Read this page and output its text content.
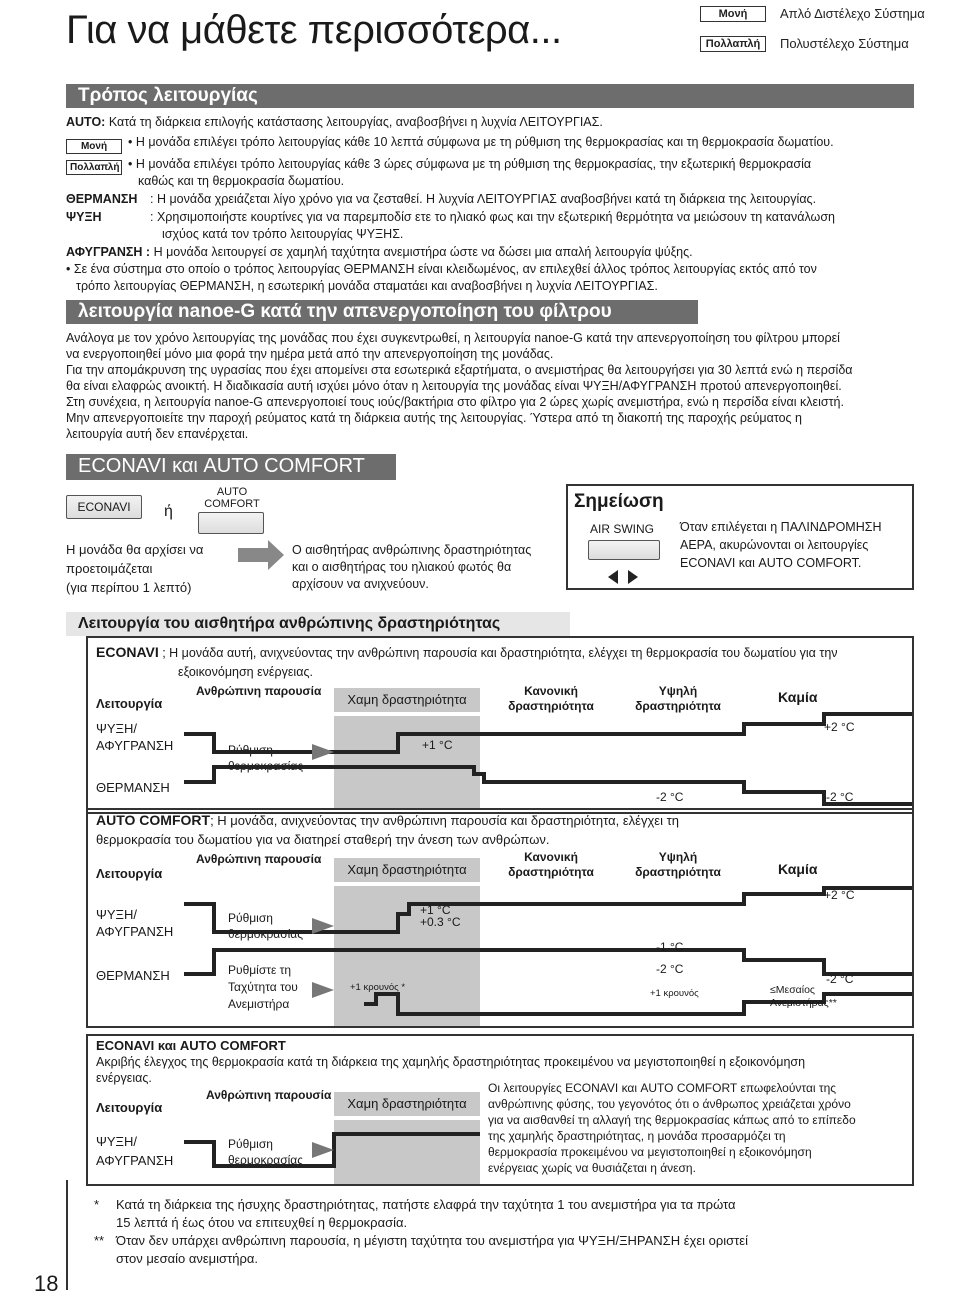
Για να μάθετε περισσότερα...	Μονή	Απλό Διστέλεχο Σύστημα
Πολλαπλή	Πολυστέλεχο Σύστημα
Τρόπος λειτουργίας
AUTO: Κατά τη διάρκεια επιλογής κατάστασης λειτουργίας, αναβοσβήνει η λυχνία ΛΕΙΤΟΥΡΓΙΑΣ.
Μονή	• Η μονάδα επιλέγει τρόπο λειτουργίας κάθε 10 λεπτά σύμφωνα με τη ρύθμιση της θερμοκρασίας και τη θερμοκρασία δωματίου.
Πολλαπλή • Η μονάδα επιλέγει τρόπο λειτουργίας κάθε 3 ώρες σύμφωνα με τη ρύθμιση της θερμοκρασίας, την εξωτερική θερμοκρασία
καθώς και τη θερμοκρασία δωματίου.
ΘΕΡΜΑΝΣΗ : Η μονάδα χρειάζεται λίγο χρόνο για να ζεσταθεί. Η λυχνία ΛΕΙΤΟΥΡΓΙΑΣ αναβοσβήνει κατά τη διάρκεια της λειτουργίας.
ΨΥΞΗ	: Χρησιμοποιήστε κουρτίνες για να παρεμποδίσ ετε το ηλιακό φως και την εξωτερική θερμότητα να μειώσουν τη κατανάλωση
ισχύος κατά τον τρόπο λειτουργίας ΨΥΞΗΣ.
ΑΦΥΓΡΑΝΣΗ : Η μονάδα λειτουργεί σε χαμηλή ταχύτητα ανεμιστήρα ώστε να δώσει μια απαλή λειτουργία ψύξης.
• Σε ένα σύστημα στο οποίο ο τρόπος λειτουργίας ΘΕΡΜΑΝΣΗ είναι κλειδωμένος, αν επιλεχθεί άλλος τρόπος λειτουργίας εκτός από τον
τρόπο λειτουργίας ΘΕΡΜΑΝΣΗ, η εσωτερική μονάδα σταματάει και αναβοσβήνει η λυχνία ΛΕΙΤΟΥΡΓΙΑΣ.
λειτουργία nanoe-G κατά την απενεργοποίηση του φίλτρου
Ανάλογα με τον χρόνο λειτουργίας της μονάδας που έχει συγκεντρωθεί, η λειτουργία nanoe-G κατά την απενεργοποίηση του φίλτρου μπορεί
να ενεργοποιηθεί μόνο μια φορά την ημέρα μετά από την απενεργοποίηση της μονάδας.
Για την απομάκρυνση της υγρασίας που έχει απομείνει στα εσωτερικά εξαρτήματα, ο ανεμιστήρας θα λειτουργήσει για 30 λεπτά ενώ η περσίδα
θα είναι ελαφρώς ανοικτή. Η διαδικασία αυτή ισχύει μόνο όταν η λειτουργία της μονάδας είναι ΨΥΞΗ/ΑΦΥΓΡΑΝΣΗ προτού απενεργοποιηθεί.
Στη συνέχεια, η λειτουργία nanoe-G απενεργοποιεί τους ιούς/βακτήρια στο φίλτρο για 2 ώρες χωρίς ανεμιστήρα, ενώ η περσίδα είναι κλειστή.
Μην απενεργοποιείτε την παροχή ρεύματος κατά τη διάρκεια αυτής της λειτουργίας. Ύστερα από τη διακοπή της παροχής ρεύματος η
λειτουργία αυτή δεν επανέρχεται.
ECONAVI και AUTO COMFORT
ECONAVI	ή
AUTO
COMFORT
Η μονάδα θα αρχίσει να
προετοιμάζεται
(για περίπου 1 λεπτό)
Ο αισθητήρας ανθρώπινης δραστηριότητας
και ο αισθητήρας του ηλιακού φωτός θα
αρχίσουν να ανιχνεύουν.
Σημείωση
AIR SWING Όταν επιλέγεται η ΠΑΛΙΝΔΡΟΜΗΣΗ
ΑΕΡΑ, ακυρώνονται οι λειτουργίες
ECONAVI και AUTO COMFORT.
Λειτουργία του αισθητήρα ανθρώπινης δραστηριότητας
ECONAVI ; Η μονάδα αυτή, ανιχνεύοντας την ανθρώπινη παρουσία και δραστηριότητα, ελέγχει τη θερμοκρασία του δωματίου για την
εξοικονόμηση ενέργειας.
Ανθρώπινη παρουσία
Λειτουργία	Χαμη δραστηριότητα
Κανονική
δραστηριότητα
Υψηλή
δραστηριότητα
Καμία
ΨΥΞΗ/
ΑΦΥΓΡΑΝΣΗ
ΘΕΡΜΑΝΣΗ
Ρύθμιση
θερμοκρασίας
+1 °C
+2 °C
-2 °C	-2 °C
AUTO COMFORT; Η μονάδα, ανιχνεύοντας την ανθρώπινη παρουσία και δραστηριότητα, ελέγχει τη
θερμοκρασία του δωματίου για να διατηρεί σταθερή την άνεση των ανθρώπων.
Ανθρώπινη παρουσία
Λειτουργία	Χαμη δραστηριότητα
Κανονική
δραστηριότητα
Υψηλή
δραστηριότητα	Καμία
ΨΥΞΗ/
ΑΦΥΓΡΑΝΣΗ
ΘΕΡΜΑΝΣΗ
Ρύθμιση
θερμοκρασίας
Ρυθμίστε τη
Ταχύτητα του
Ανεμιστήρα
+1 °C
+0.3 °C
+2 °C
-1 °C
-2 °C
-2 °C
+1 κρουνός *
+1 κρουνός	≤Μεσαίος
Ανεμιστήρας**
ECONAVI και AUTO COMFORT
Ακριβής έλεγχος της θερμοκρασία κατά τη διάρκεια της χαμηλής δραστηριότητας προκειμένου να μεγιστοποιηθεί η εξοικονόμηση
ενέργειας.
Ανθρώπινη παρουσία
Λειτουργία	Χαμη δραστηριότητα
ΨΥΞΗ/
ΑΦΥΓΡΑΝΣΗ
Ρύθμιση
θερμοκρασίας
Οι λειτουργίες ECONAVI και AUTO COMFORT επωφελούνται της
ανθρώπινης φύσης, του γεγονότος ότι ο άνθρωπος χρειάζεται χρόνο
για να αισθανθεί τη αλλαγή της θερμοκρασίας κάπως από το επίπεδο
της χαμηλής δραστηριότητας, η μονάδα προσαρμόζει τη
θερμοκρασία προκειμένου να μεγιστοποιηθεί η εξοικονόμηση
ενέργειας χωρίς να θυσιάζεται η άνεση.
*	Κατά τη διάρκεια της ήσυχης δραστηριότητας, πατήστε ελαφρά την ταχύτητα 1 του ανεμιστήρα για τα πρώτα
15 λεπτά ή έως ότου να επιτευχθεί η θερμοκρασία.
** Όταν δεν υπάρχει ανθρώπινη παρουσία, η μέγιστη ταχύτητα του ανεμιστήρα για ΨΥΞΗ/ΞΗΡΑΝΣΗ έχει οριστεί
στον μεσαίο ανεμιστήρα.
18
